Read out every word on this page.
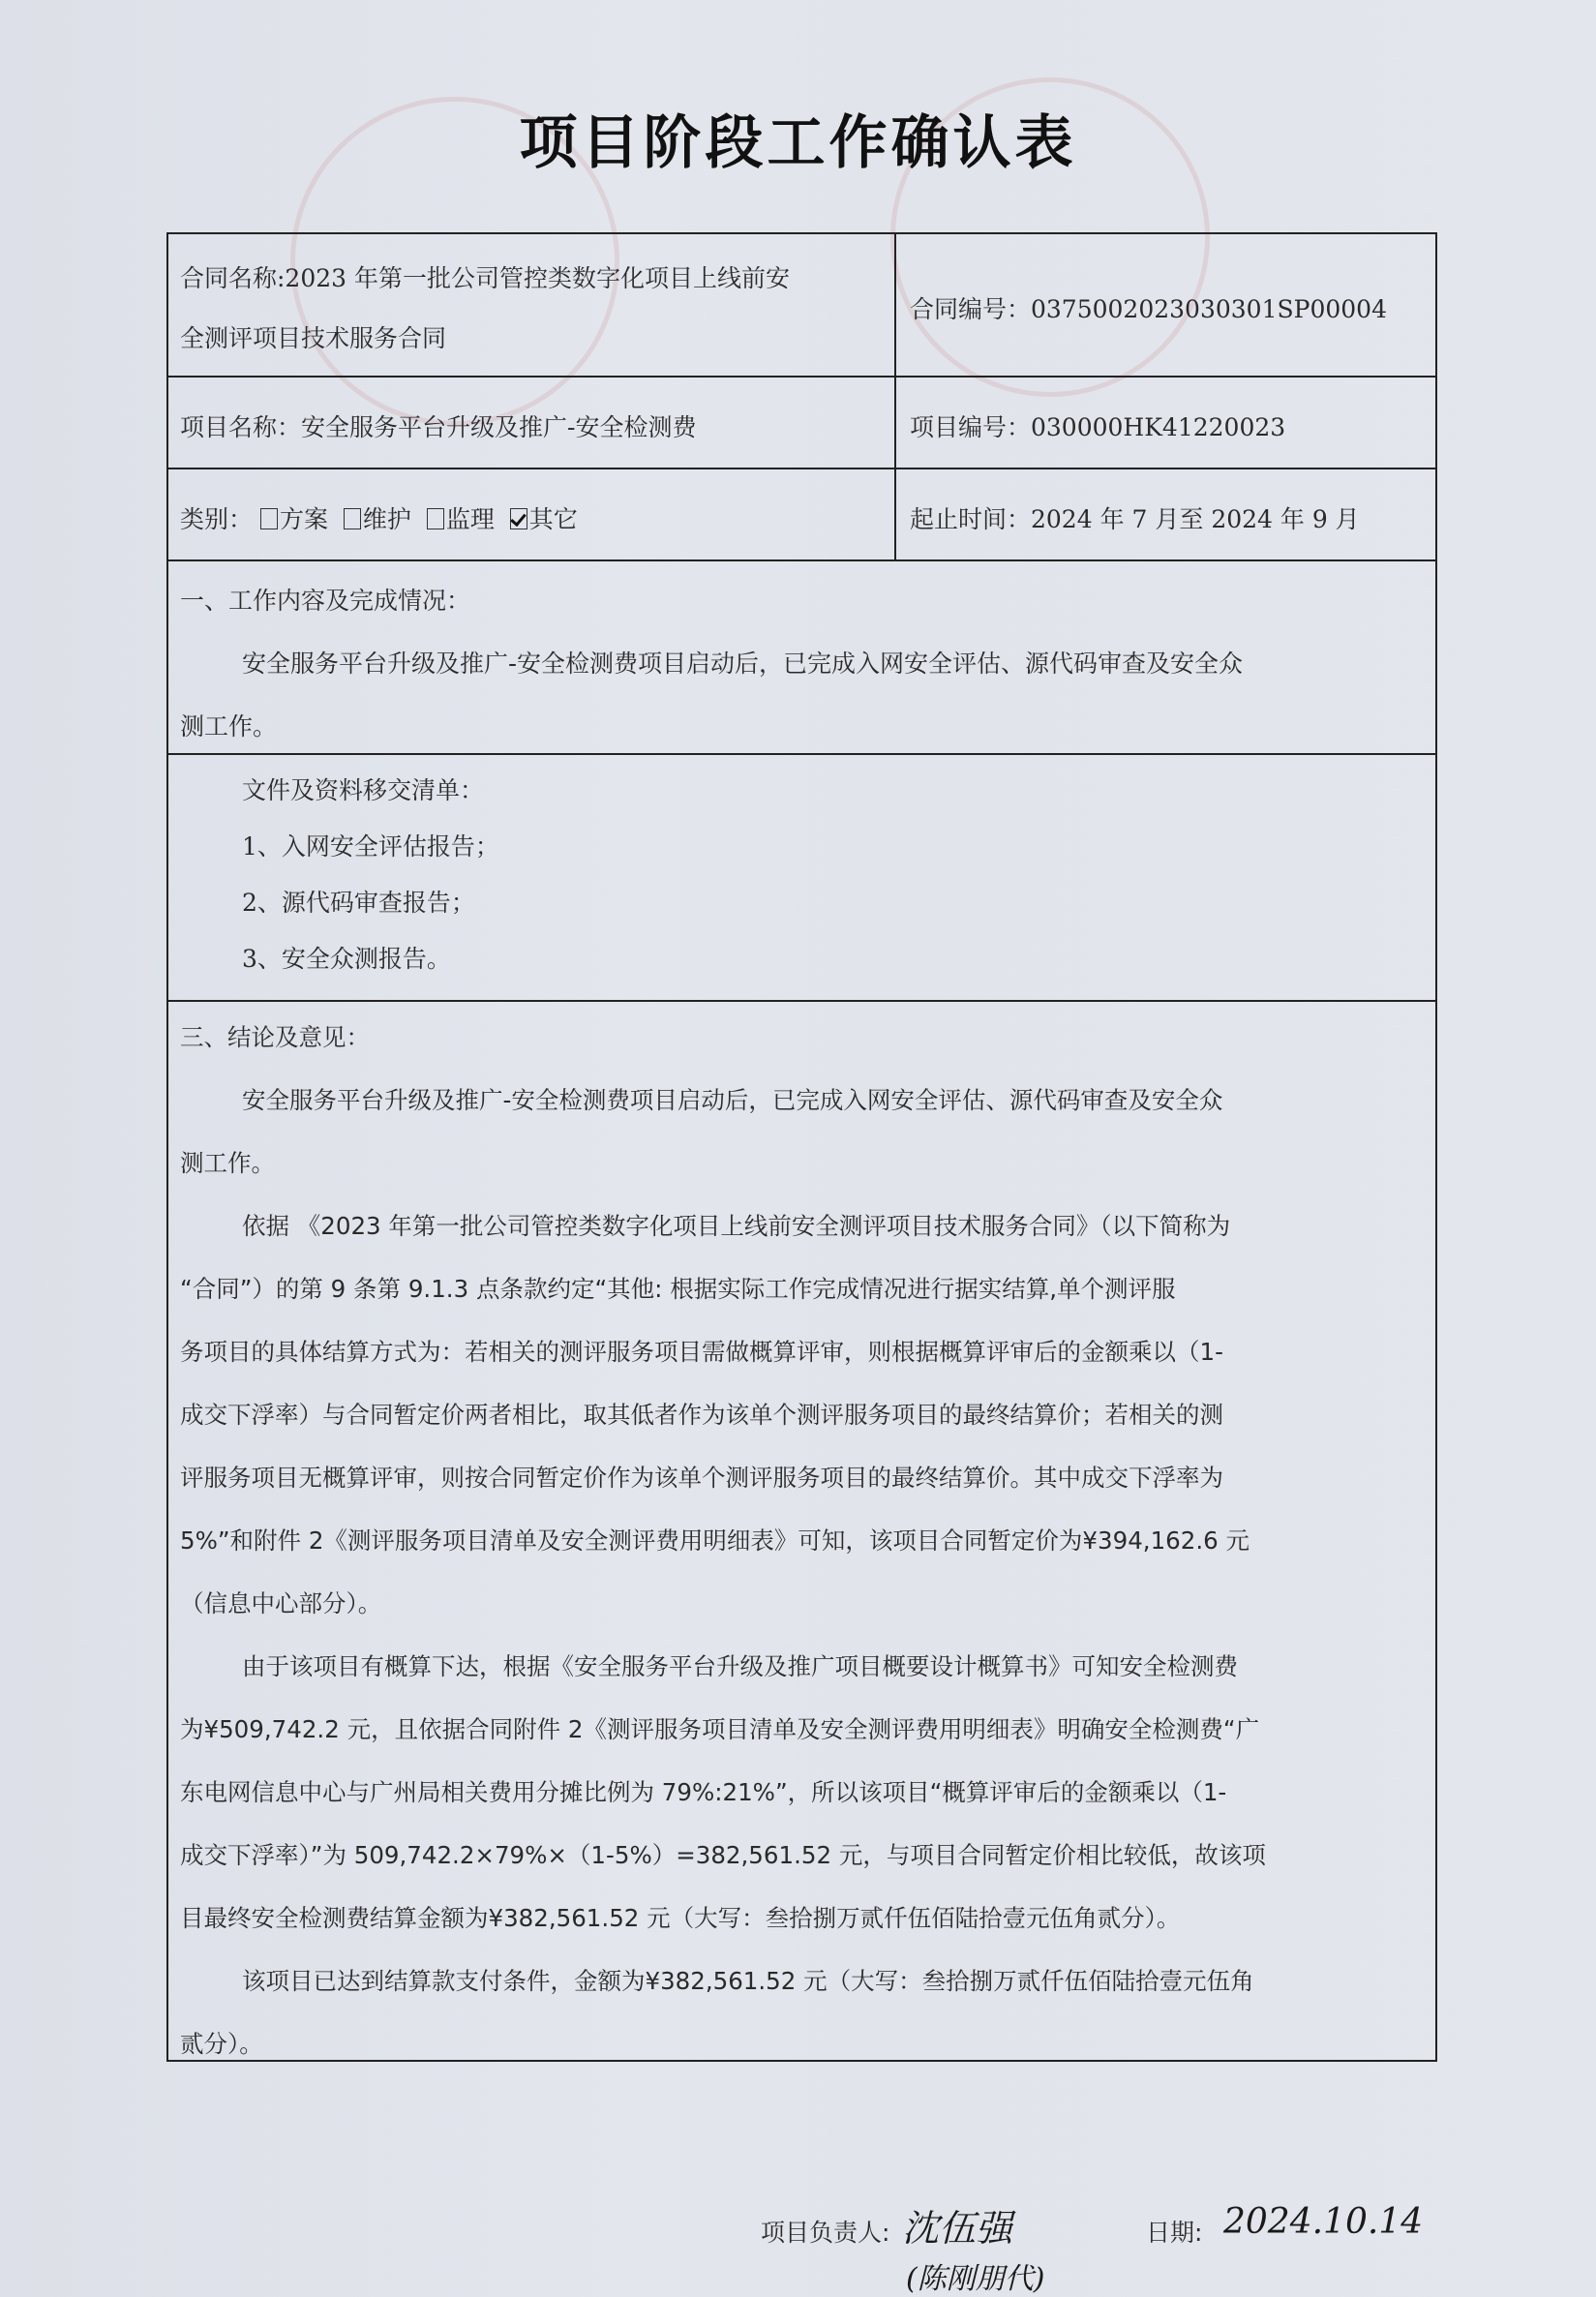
项目阶段工作确认表
合同名称:2023 年第一批公司管控类数字化项目上线前安
全测评项目技术服务合同
合同编号：0375002023030301SP00004
项目名称：安全服务平台升级及推广-安全检测费	项目编号：030000HK41220023
类别： 方案 维护 监理 其它	起止时间：2024 年 7 月至 2024 年 9 月
一、工作内容及完成情况：
安全服务平台升级及推广-安全检测费项目启动后，已完成入网安全评估、源代码审查及安全众
测工作。
文件及资料移交清单：
1、入网安全评估报告；
2、源代码审查报告；
3、安全众测报告。
三、结论及意见：
安全服务平台升级及推广-安全检测费项目启动后，已完成入网安全评估、源代码审查及安全众
测工作。
依据 《2023 年第一批公司管控类数字化项目上线前安全测评项目技术服务合同》（以下简称为
“合同”）的第 9 条第 9.1.3 点条款约定“其他: 根据实际工作完成情况进行据实结算,单个测评服
务项目的具体结算方式为：若相关的测评服务项目需做概算评审，则根据概算评审后的金额乘以（1-
成交下浮率）与合同暂定价两者相比，取其低者作为该单个测评服务项目的最终结算价；若相关的测
评服务项目无概算评审，则按合同暂定价作为该单个测评服务项目的最终结算价。其中成交下浮率为
5%”和附件 2《测评服务项目清单及安全测评费用明细表》可知，该项目合同暂定价为¥394,162.6 元
（信息中心部分）。
由于该项目有概算下达，根据《安全服务平台升级及推广项目概要设计概算书》可知安全检测费
为¥509,742.2 元，且依据合同附件 2《测评服务项目清单及安全测评费用明细表》明确安全检测费“广
东电网信息中心与广州局相关费用分摊比例为 79%:21%”，所以该项目“概算评审后的金额乘以（1-
成交下浮率）”为 509,742.2×79%×（1-5%）=382,561.52 元，与项目合同暂定价相比较低，故该项
目最终安全检测费结算金额为¥382,561.52 元（大写：叁拾捌万贰仟伍佰陆拾壹元伍角贰分）。
该项目已达到结算款支付条件，金额为¥382,561.52 元（大写：叁拾捌万贰仟伍佰陆拾壹元伍角
贰分）。
项目负责人: 沈伍强
(陈刚朋代)
日期: 2024.10.14
